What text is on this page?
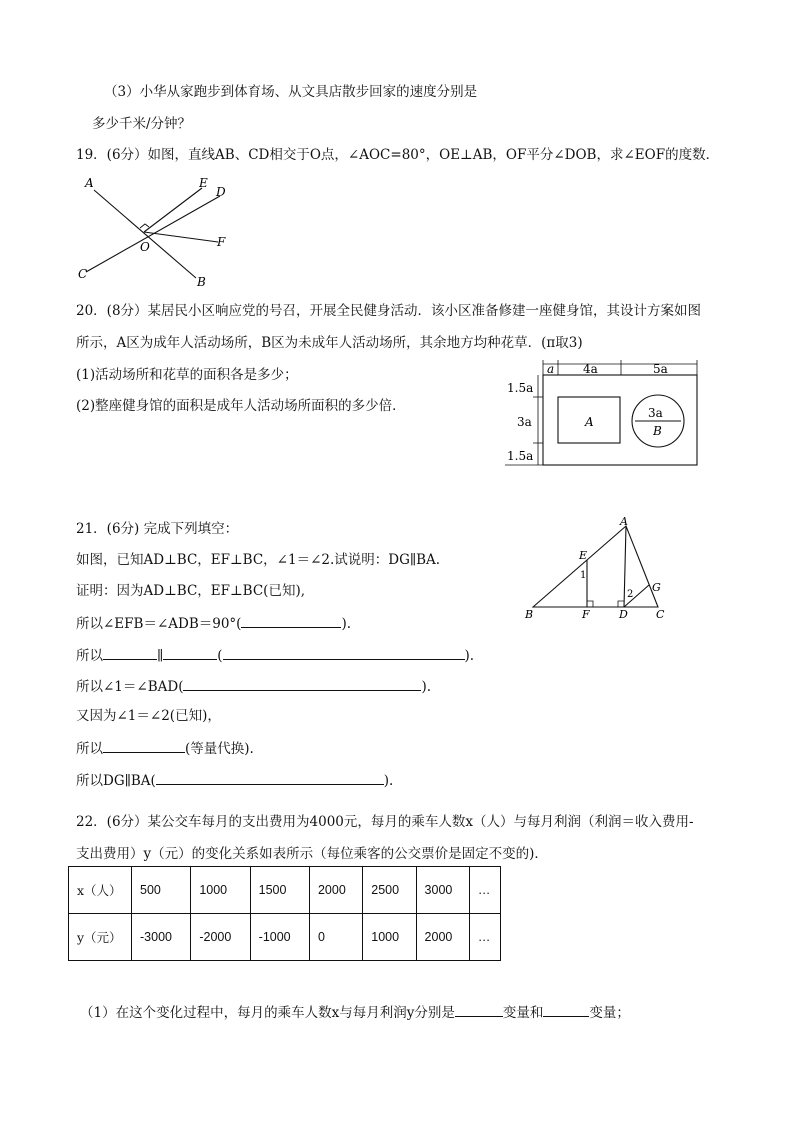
（3）小华从家跑步到体育场、从文具店散步回家的速度分别是
多少千米/分钟？
19．(6分）如图，直线AB、CD相交于O点，∠AOC=80°，OE⊥AB，OF平分∠DOB，求∠EOF的度数．
A	E
D
O	F
C
B
20．(8分）某居民小区响应党的号召，开展全民健身活动．该小区准备修建一座健身馆，其设计方案如图
所示，A区为成年人活动场所，B区为未成年人活动场所，其余地方均种花草．(π取3)
(1)活动场所和花草的面积各是多少；
(2)整座健身馆的面积是成年人活动场所面积的多少倍．
a 4a	5a
1.5a
3a
1.5a
A
3a
B
21．(6分) 完成下列填空：
如图，已知AD⊥BC，EF⊥BC，∠1＝∠2.试说明：DG∥BA.
证明：因为AD⊥BC，EF⊥BC(已知),
所以∠EFB＝∠ADB＝90°(	).
所以	∥	(	).
所以∠1＝∠BAD(	).
又因为∠1＝∠2(已知)，
所以	(等量代换).
所以DG∥BA(	).
A
E
1
G
2
B	F	D	C
22．(6分）某公交车每月的支出费用为4000元，每月的乘车人数x（人）与每月利润（利润＝收入费用-
支出费用）y（元）的变化关系如表所示（每位乘客的公交票价是固定不变的)．
x（人）	500	1000	1500	2000	2500	3000	…
y（元）	-3000	-2000	-1000	0	1000	2000	…
（1）在这个变化过程中，每月的乘车人数x与每月利润y分别是	变量和	变量；
